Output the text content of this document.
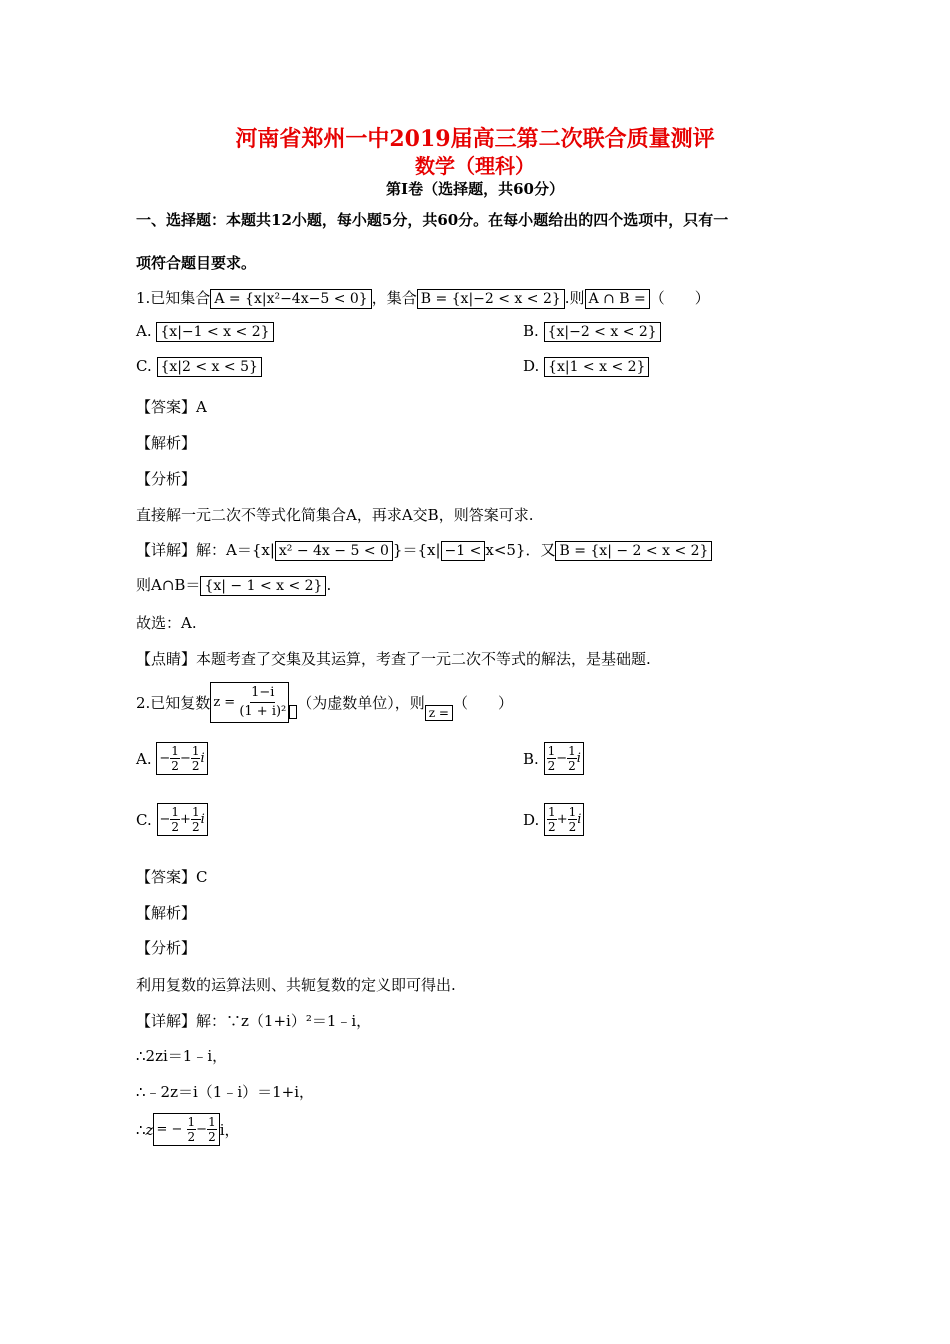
河南省郑州一中2019届高三第二次联合质量测评
数学（理科）
第Ⅰ卷（选择题，共60分）
一、选择题：本题共12小题，每小题5分，共60分。在每小题给出的四个选项中，只有一
项符合题目要求。
1.已知集合 A = {x|x²−4x−5 < 0} ，集合 B = {x|−2 < x < 2} .则 A ∩ B = （　　）
A. {x|−1 < x < 2}	B. {x|−2 < x < 2}
C. {x|2 < x < 5}	D. {x|1 < x < 2}
【答案】A
【解析】
【分析】
直接解一元二次不等式化简集合A，再求A交B，则答案可求.
【详解】解：A＝{x| x² − 4x − 5 < 0 }＝{x| −1 < x<5}．又 B = {x| − 2 < x < 2}
则A∩B＝ {x| − 1 < x < 2} .
故选：A.
【点睛】本题考查了交集及其运算，考查了一元二次不等式的解法，是基础题.
2.已知复数 z =
$\frac{1-i}{\text{(1 + i)²}}$ （为虚数单位），则
z =
（　　）
A.
− $\frac{1}{2} - \frac{1}{2}$ i	B.
$\frac{1}{2} - \frac{1}{2}$ i
C.
− $\frac{1}{2} + \frac{1}{2}$ i	D.
$\frac{1}{2} + \frac{1}{2}$ i
【答案】C
【解析】
【分析】
利用复数的运算法则、共轭复数的定义即可得出.
【详解】解：∵z（1+i）²＝1﹣i，
∴2zi＝1﹣i，
∴﹣2z＝i（1﹣i）＝1+i，
∴ z = −
$\frac{1}{2} - \frac{1}{2}$ i，
